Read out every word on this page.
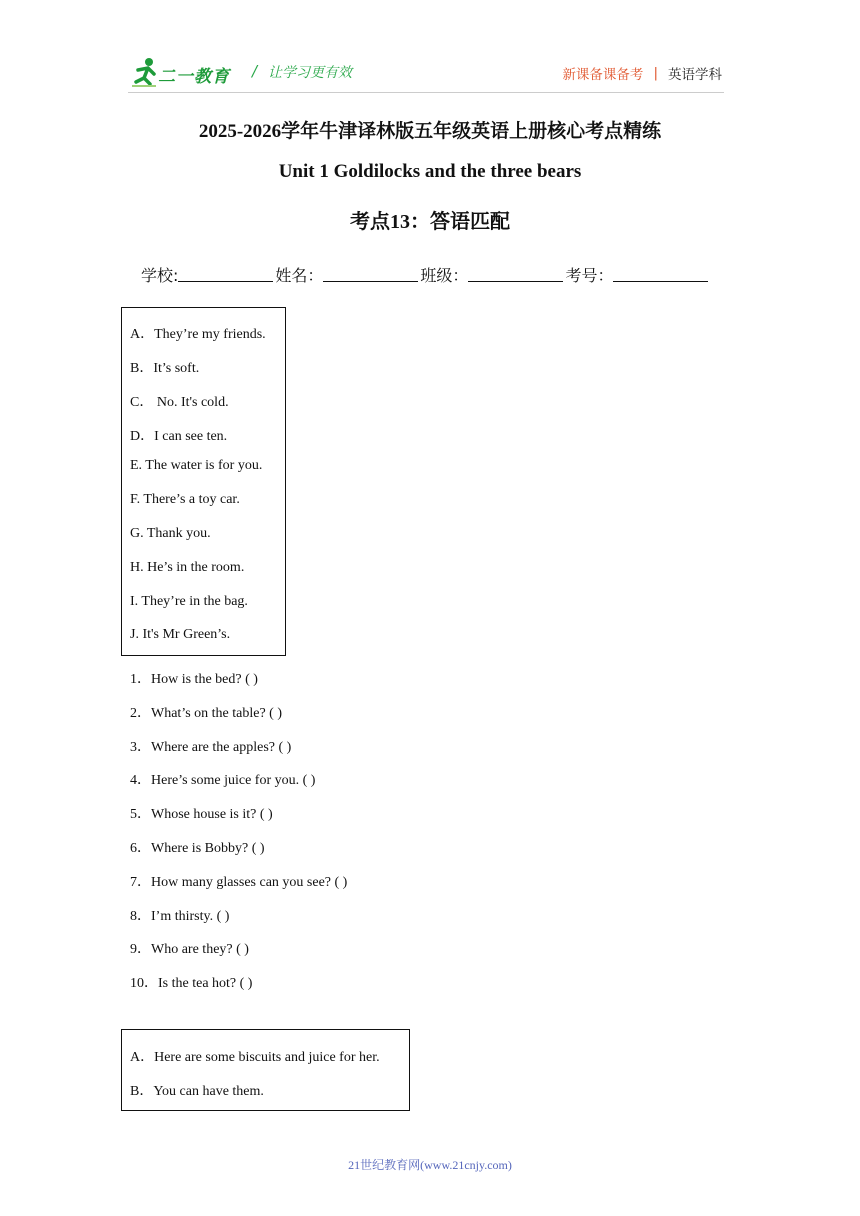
二一教育 / 让学习更有效	新课备课备考 | 英语学科
2025-2026学年牛津译林版五年级英语上册核心考点精练
Unit 1 Goldilocks and the three bears
考点13：答语匹配
学校:	姓名：	班级：	考号：
A．They’re my friends.
B．It’s soft.
C． No. It's cold.
D．I can see ten.
E. The water is for you.
F. There’s a toy car.
G. Thank you.
H. He’s in the room.
I. They’re in the bag.
J. It's Mr Green’s.
1．How is the bed? ( )
2．What’s on the table? ( )
3．Where are the apples? ( )
4．Here’s some juice for you. ( )
5．Whose house is it? ( )
6．Where is Bobby? ( )
7．How many glasses can you see? ( )
8．I’m thirsty. ( )
9．Who are they? ( )
10．Is the tea hot? ( )
A．Here are some biscuits and juice for her.
B．You can have them.
21世纪教育网(www.21cnjy.com)
